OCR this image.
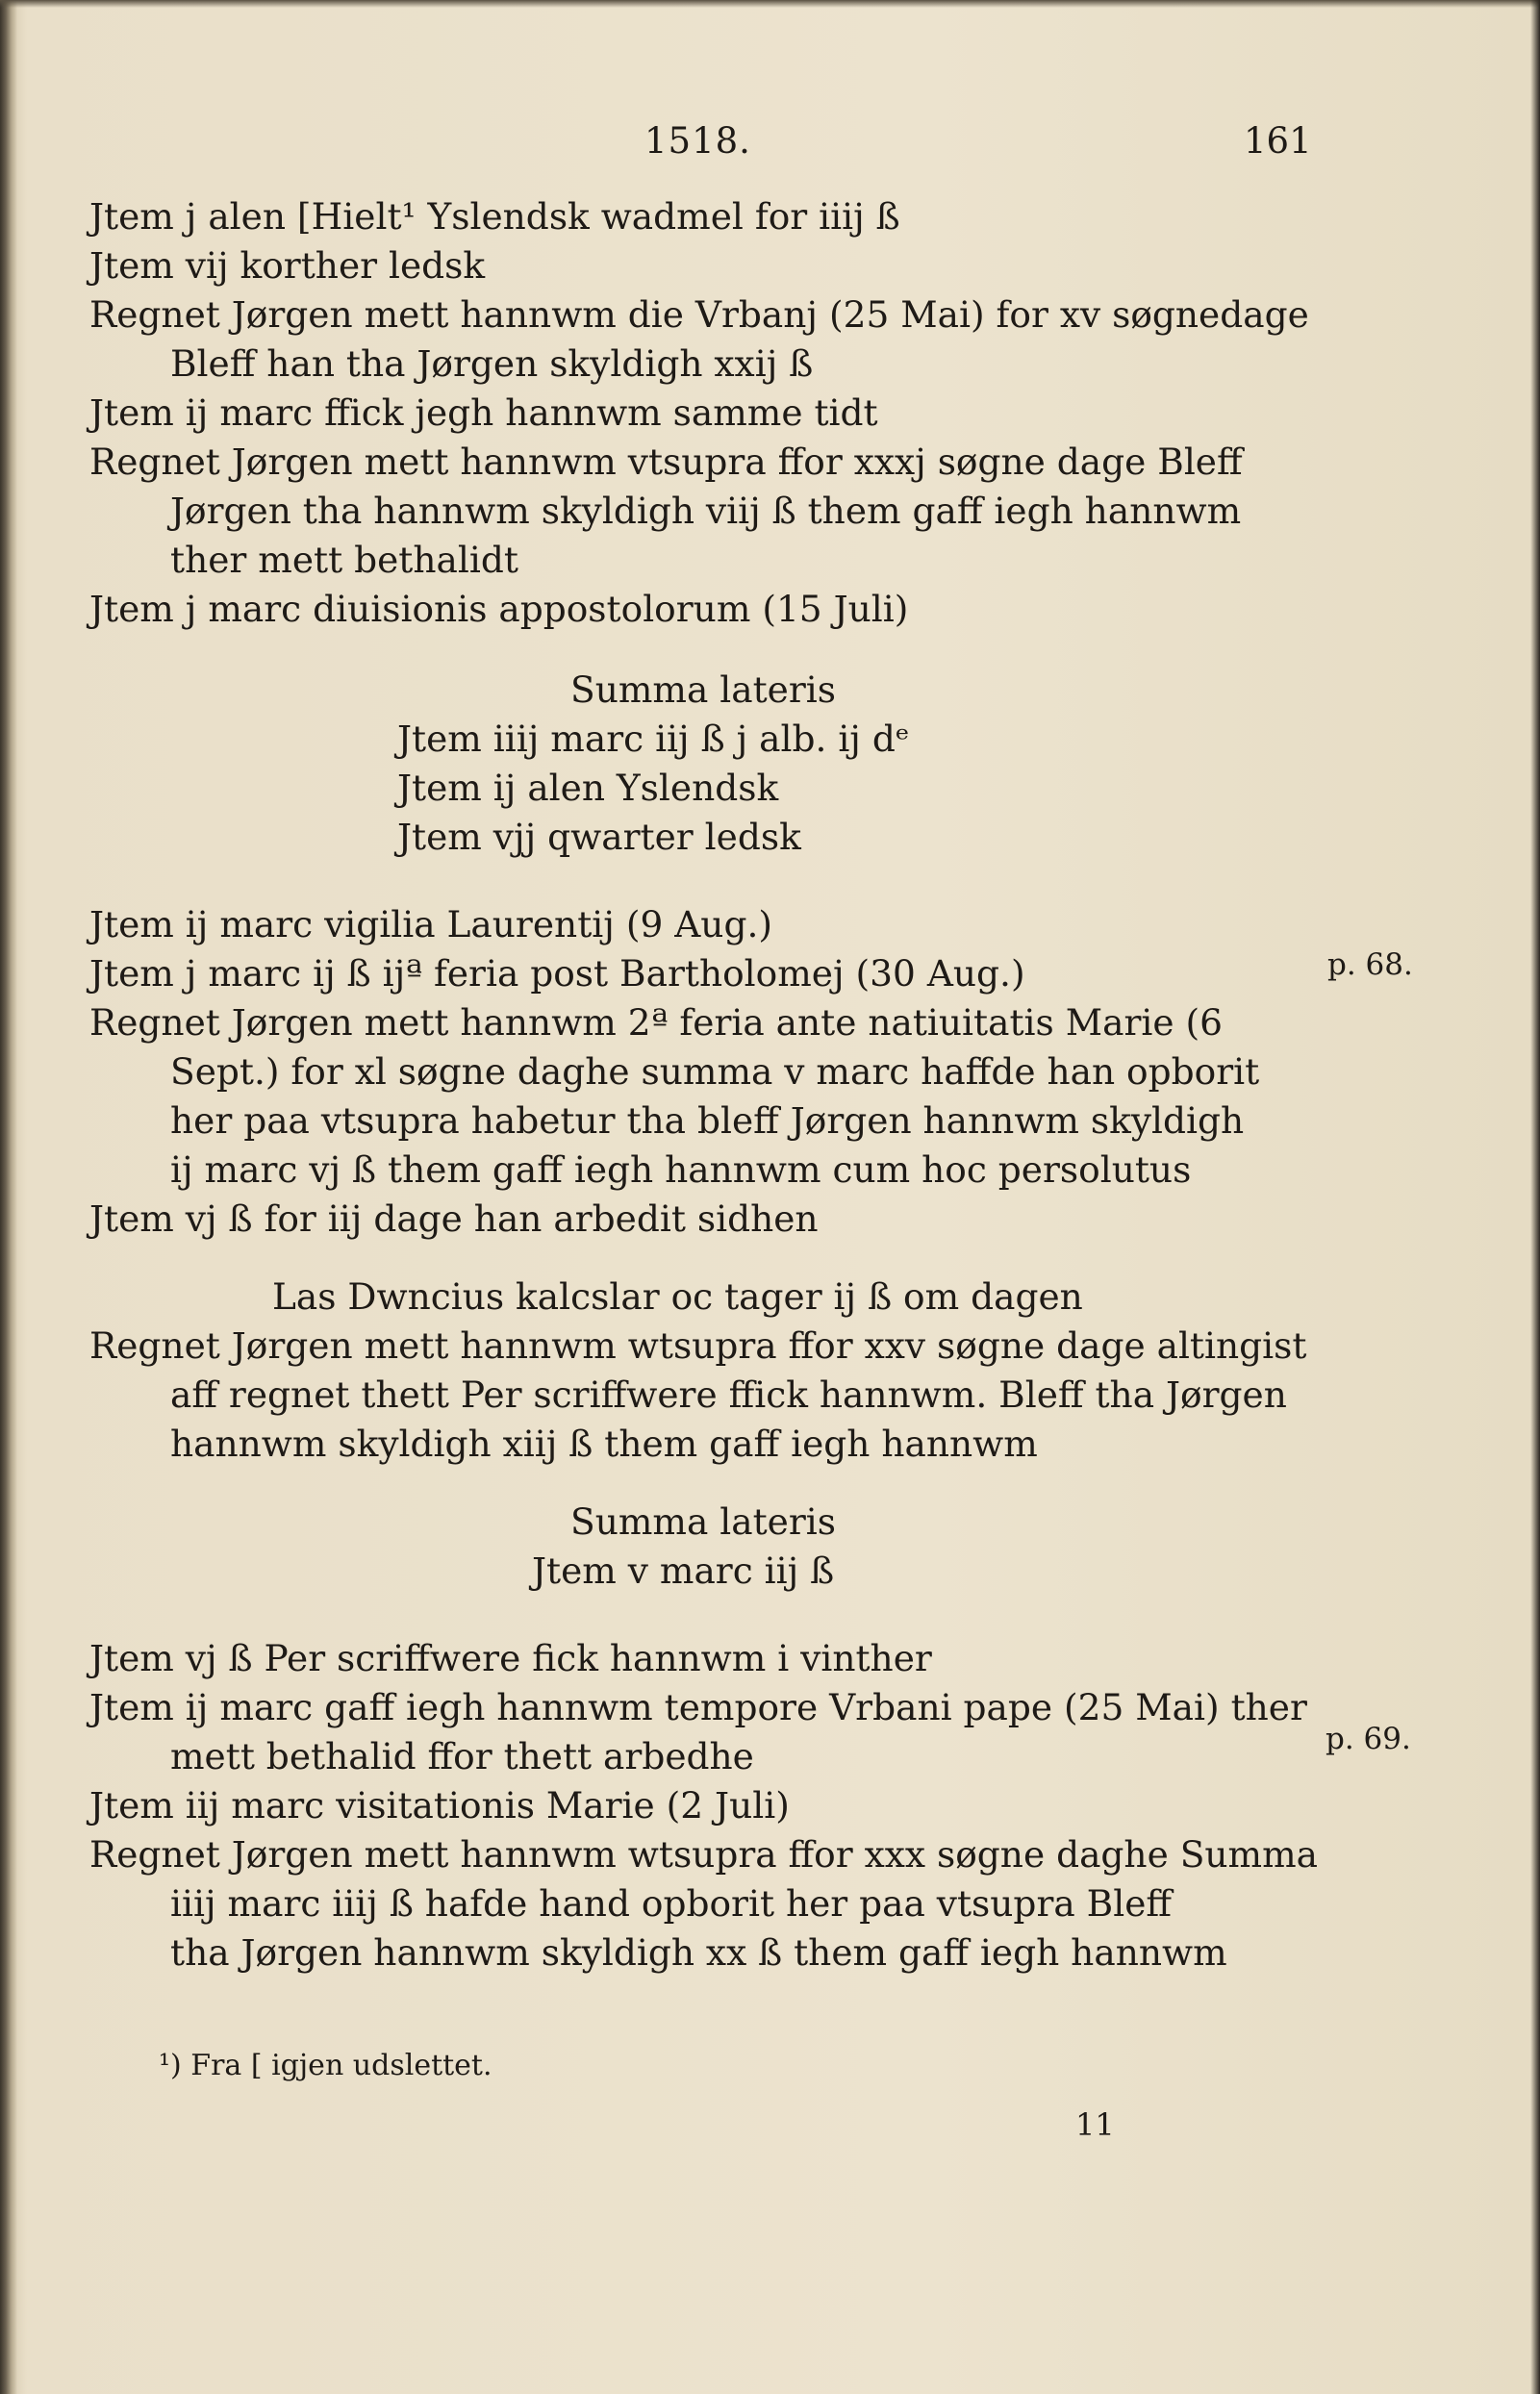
1518.	161
Jtem j alen [Hielt¹ Yslendsk wadmel for iiij ß
Jtem vij korther ledsk
Regnet Jørgen mett hannwm die Vrbanj (25 Mai) for xv søgnedage
Bleff han tha Jørgen skyldigh xxij ß
Jtem ij marc ffick jegh hannwm samme tidt
Regnet Jørgen mett hannwm vtsupra ffor xxxj søgne dage Bleff
Jørgen tha hannwm skyldigh viij ß them gaff iegh hannwm
ther mett bethalidt
Jtem j marc diuisionis appostolorum (15 Juli)
Summa lateris
Jtem iiij marc iij ß j alb. ij dᵉ
Jtem ij alen Yslendsk
Jtem vjj qwarter ledsk
Jtem ij marc vigilia Laurentij (9 Aug.)
Jtem j marc ij ß ijª feria post Bartholomej (30 Aug.)
Regnet Jørgen mett hannwm 2ª feria ante natiuitatis Marie (6
Sept.) for xl søgne daghe summa v marc haffde han opborit
her paa vtsupra habetur tha bleff Jørgen hannwm skyldigh
ij marc vj ß them gaff iegh hannwm cum hoc persolutus
Jtem vj ß for iij dage han arbedit sidhen
Las Dwncius kalcslar oc tager ij ß om dagen
Regnet Jørgen mett hannwm wtsupra ffor xxv søgne dage altingist
aff regnet thett Per scriffwere ffick hannwm. Bleff tha Jørgen
hannwm skyldigh xiij ß them gaff iegh hannwm
Summa lateris
Jtem v marc iij ß
Jtem vj ß Per scriffwere fick hannwm i vinther
Jtem ij marc gaff iegh hannwm tempore Vrbani pape (25 Mai) ther
mett bethalid ffor thett arbedhe
Jtem iij marc visitationis Marie (2 Juli)
Regnet Jørgen mett hannwm wtsupra ffor xxx søgne daghe Summa
iiij marc iiij ß hafde hand opborit her paa vtsupra Bleff
tha Jørgen hannwm skyldigh xx ß them gaff iegh hannwm
p. 68.
p. 69.
¹) Fra [ igjen udslettet.
11
